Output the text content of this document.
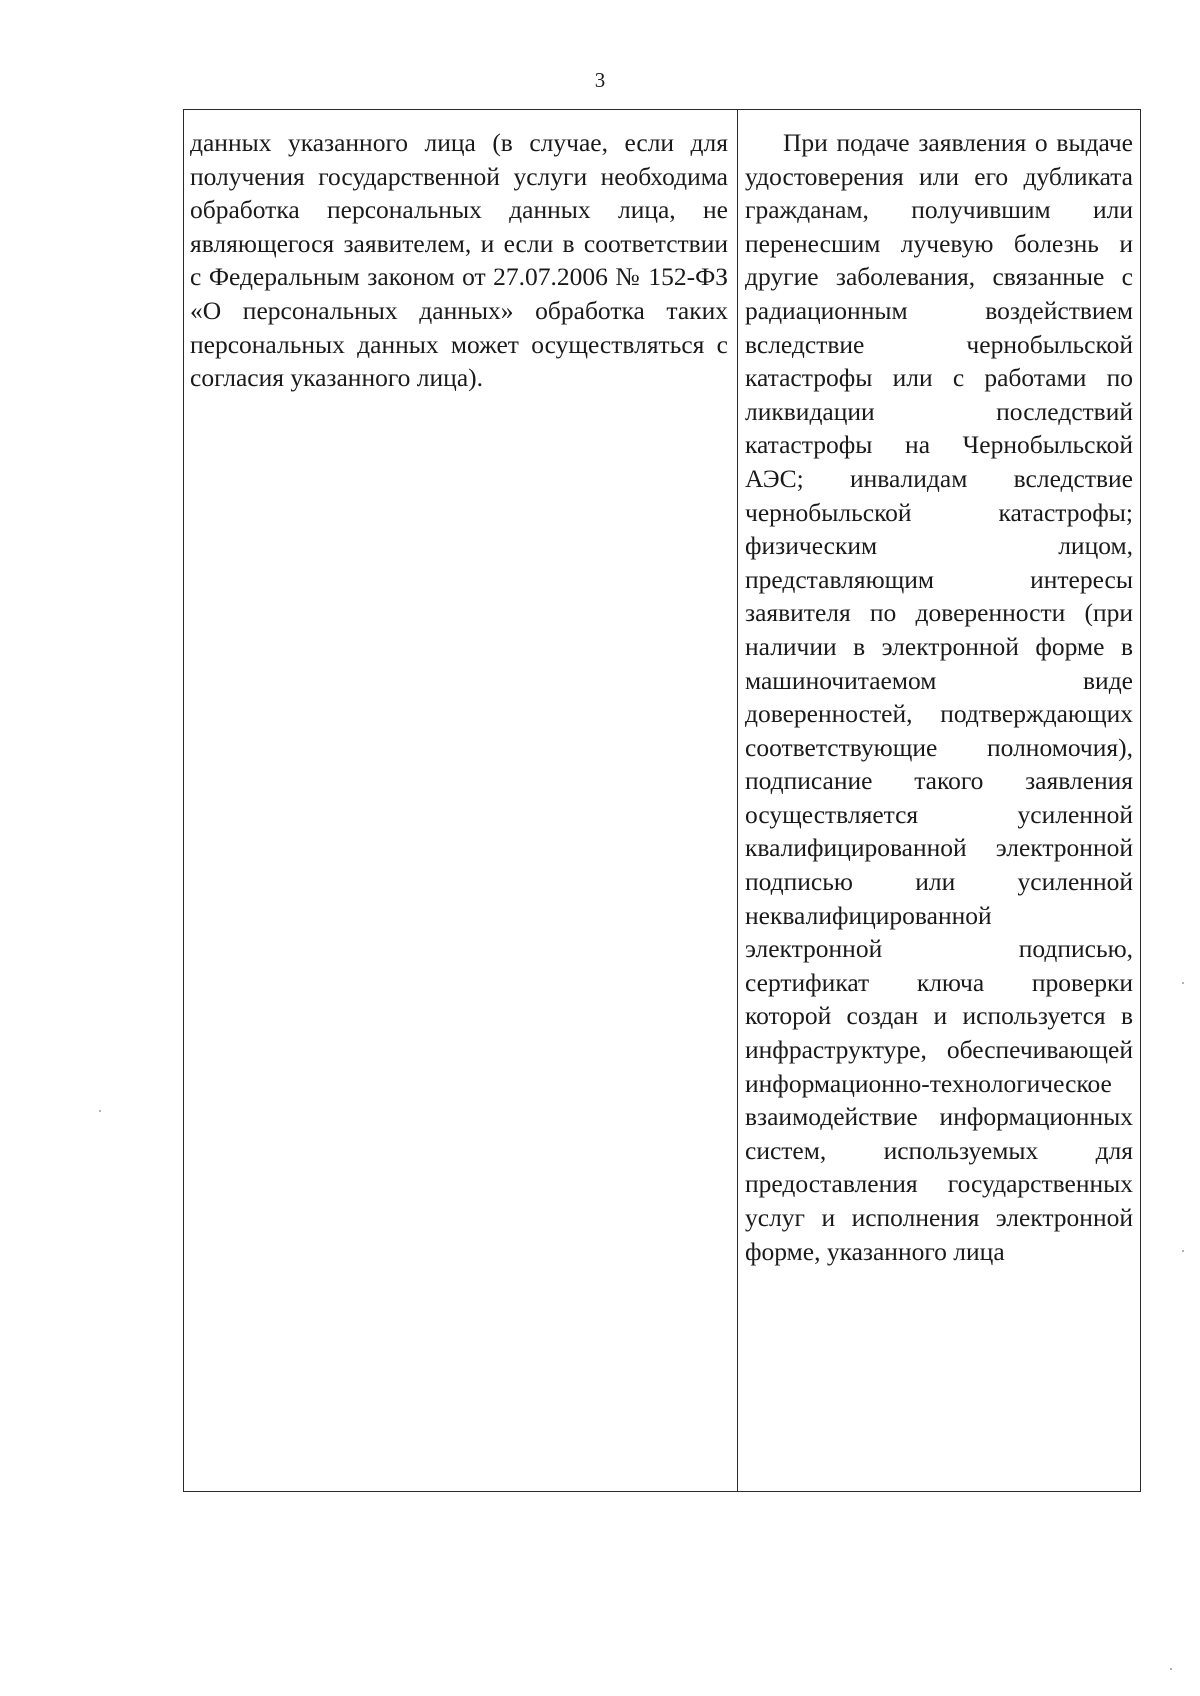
3

данных указанного лица (в случае, если для получения государственной услуги необходима обработка персональных данных лица, не являющегося заявителем, и если в соответствии с Федеральным законом от 27.07.2006 № 152-ФЗ «О персональных данных» обработка таких персональных данных может осуществляться с согласия указанного лица).

При подаче заявления о выдаче удостоверения или его дубликата гражданам, получившим или перенесшим лучевую болезнь и другие заболевания, связанные с радиационным воздействием вследствие чернобыльской катастрофы или с работами по ликвидации последствий катастрофы на Чернобыльской АЭС; инвалидам вследствие чернобыльской катастрофы; физическим лицом, представляющим интересы заявителя по доверенности (при наличии в электронной форме в машиночитаемом виде доверенностей, подтверждающих соответствующие полномочия), подписание такого заявления осуществляется усиленной квалифицированной электронной подписью или усиленной неквалифицированной электронной подписью, сертификат ключа проверки которой создан и используется в инфраструктуре, обеспечивающей информационно-технологическое взаимодействие информационных систем, используемых для предоставления государственных услуг и исполнения электронной форме, указанного лица
